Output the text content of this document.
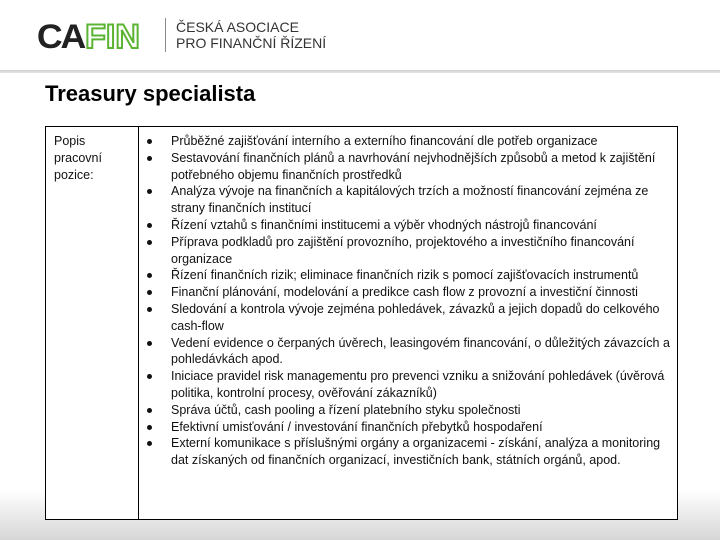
CA FIN	ČESKÁ ASOCIACE
PRO FINANČNÍ ŘÍZENÍ
Treasury specialista
Popis
pracovní
pozice:
Průběžné zajišťování interního a externího financování dle potřeb organizace
Sestavování finančních plánů a navrhování nejvhodnějších způsobů a metod k zajištění potřebného objemu finančních prostředků
Analýza vývoje na finančních a kapitálových trzích a možností financování zejména ze strany finančních institucí
Řízení vztahů s finančními institucemi a výběr vhodných nástrojů financování
Příprava podkladů pro zajištění provozního, projektového a investičního financování organizace
Řízení finančních rizik; eliminace finančních rizik s pomocí zajišťovacích instrumentů
Finanční plánování, modelování a predikce cash flow z provozní a investiční činnosti
Sledování a kontrola vývoje zejména pohledávek, závazků a jejich dopadů do celkového cash-flow
Vedení evidence o čerpaných úvěrech, leasingovém financování, o důležitých závazcích a pohledávkách apod.
Iniciace pravidel risk managementu pro prevenci vzniku a snižování pohledávek (úvěrová politika, kontrolní procesy, ověřování zákazníků)
Správa účtů, cash pooling a řízení platebního styku společnosti
Efektivní umisťování / investování finančních přebytků hospodaření
Externí komunikace s příslušnými orgány a organizacemi - získání, analýza a monitoring dat získaných od finančních organizací, investičních bank, státních orgánů, apod.
